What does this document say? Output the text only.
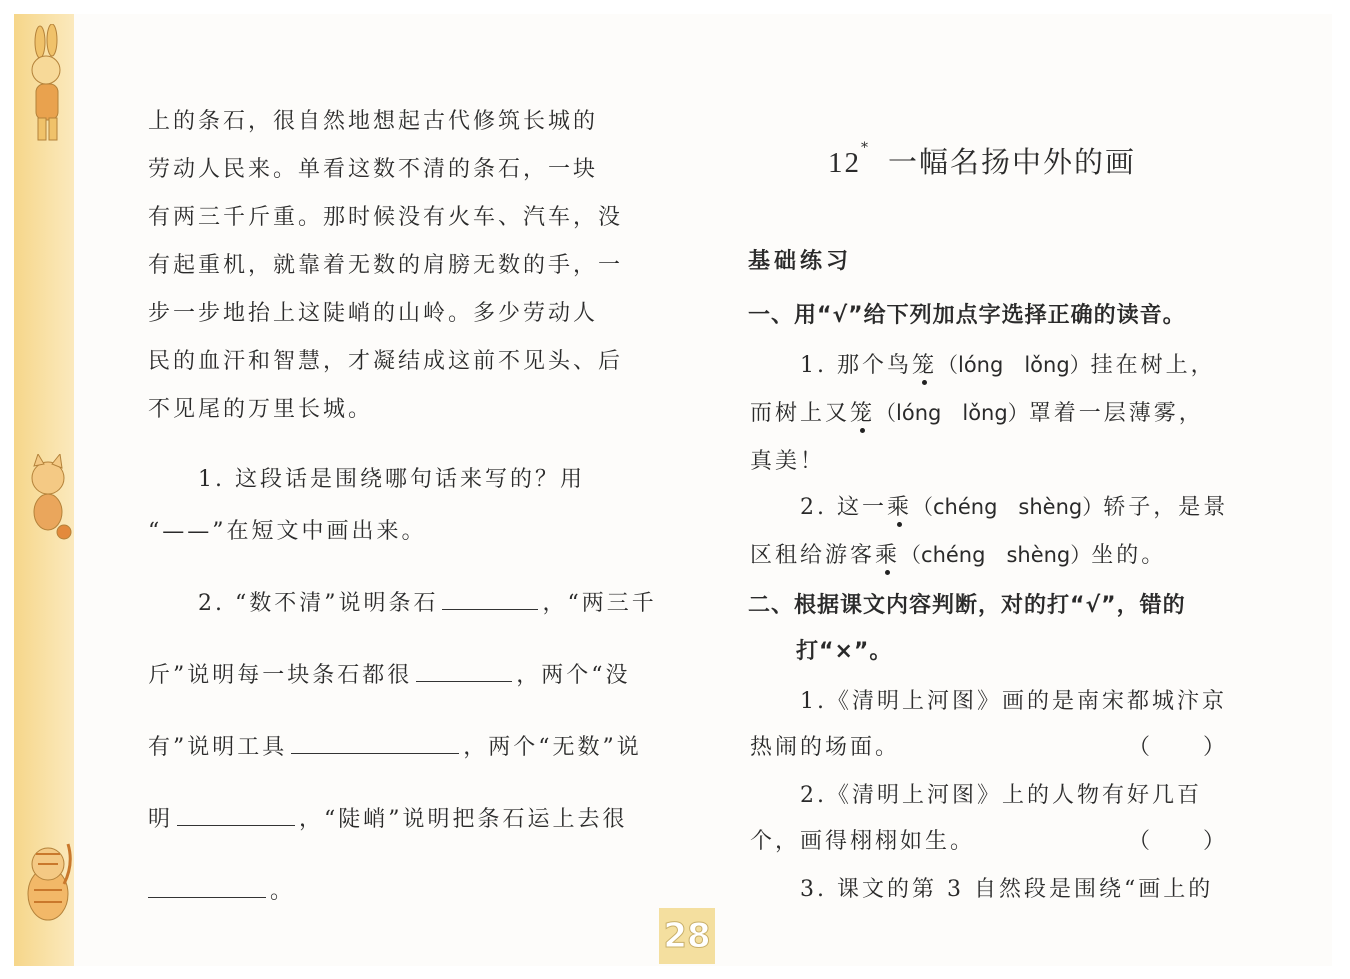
上的条石，很自然地想起古代修筑长城的
劳动人民来。单看这数不清的条石，一块
有两三千斤重。那时候没有火车、汽车，没
有起重机，就靠着无数的肩膀无数的手，一
步一步地抬上这陡峭的山岭。多少劳动人
民的血汗和智慧，才凝结成这前不见头、后
不见尾的万里长城。
1. 这段话是围绕哪句话来写的？用
“——”在短文中画出来。
2. “数不清”说明条石	，“两三千
斤”说明每一块条石都很	，两个“没
有”说明工具	，两个“无数”说
明	，“陡峭”说明把条石运上去很
。
12* 一幅名扬中外的画
基础练习
一、用“√”给下列加点字选择正确的读音。
1. 那个鸟笼（lóng　lǒng）挂在树上，
而树上又笼（lóng　lǒng）罩着一层薄雾，
真美！
2. 这一乘（chéng　shèng）轿子，是景
区租给游客乘（chéng　shèng）坐的。
二、根据课文内容判断，对的打“√”，错的
打“×”。
1.《清明上河图》画的是南宋都城汴京
热闹的场面。	（　　）
2.《清明上河图》上的人物有好几百
个，画得栩栩如生。	（　　）
3. 课文的第 3 自然段是围绕“画上的
28
